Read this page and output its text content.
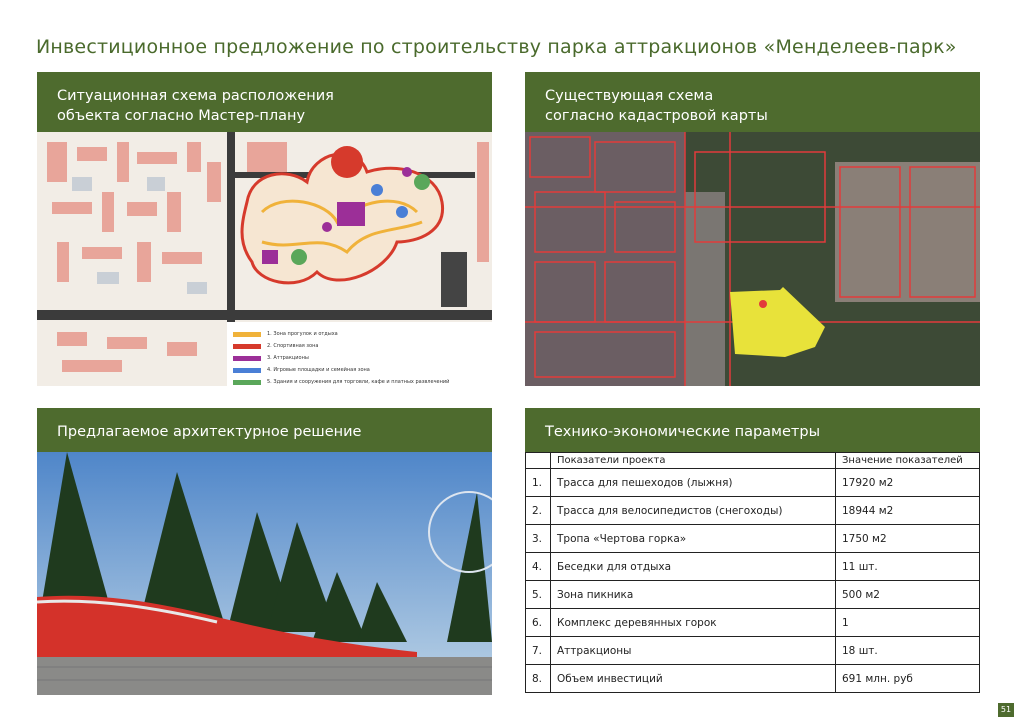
Инвестиционное предложение по строительству парка аттракционов «Менделеев-парк»
Ситуационная схема расположения
объекта согласно Мастер-плану
1. Зона прогулок и отдыха
2. Спортивная зона
3. Аттракционы
4. Игровые площадки и семейная зона
5. Здания и сооружения для торговли, кафе и платных развлечений
Существующая схема
согласно кадастровой карты
Предлагаемое архитектурное решение	Технико-экономические параметры
	Показатели проекта	Значение показателей
1.	Трасса для пешеходов (лыжня)	17920 м2
2.	Трасса для велосипедистов (снегоходы)	18944 м2
3.	Тропа «Чертова горка»	1750 м2
4.	Беседки для отдыха	11 шт.
5.	Зона пикника	500 м2
6.	Комплекс деревянных горок	1
7.	Аттракционы	18 шт.
8.	Объем инвестиций	691 млн. руб
51
